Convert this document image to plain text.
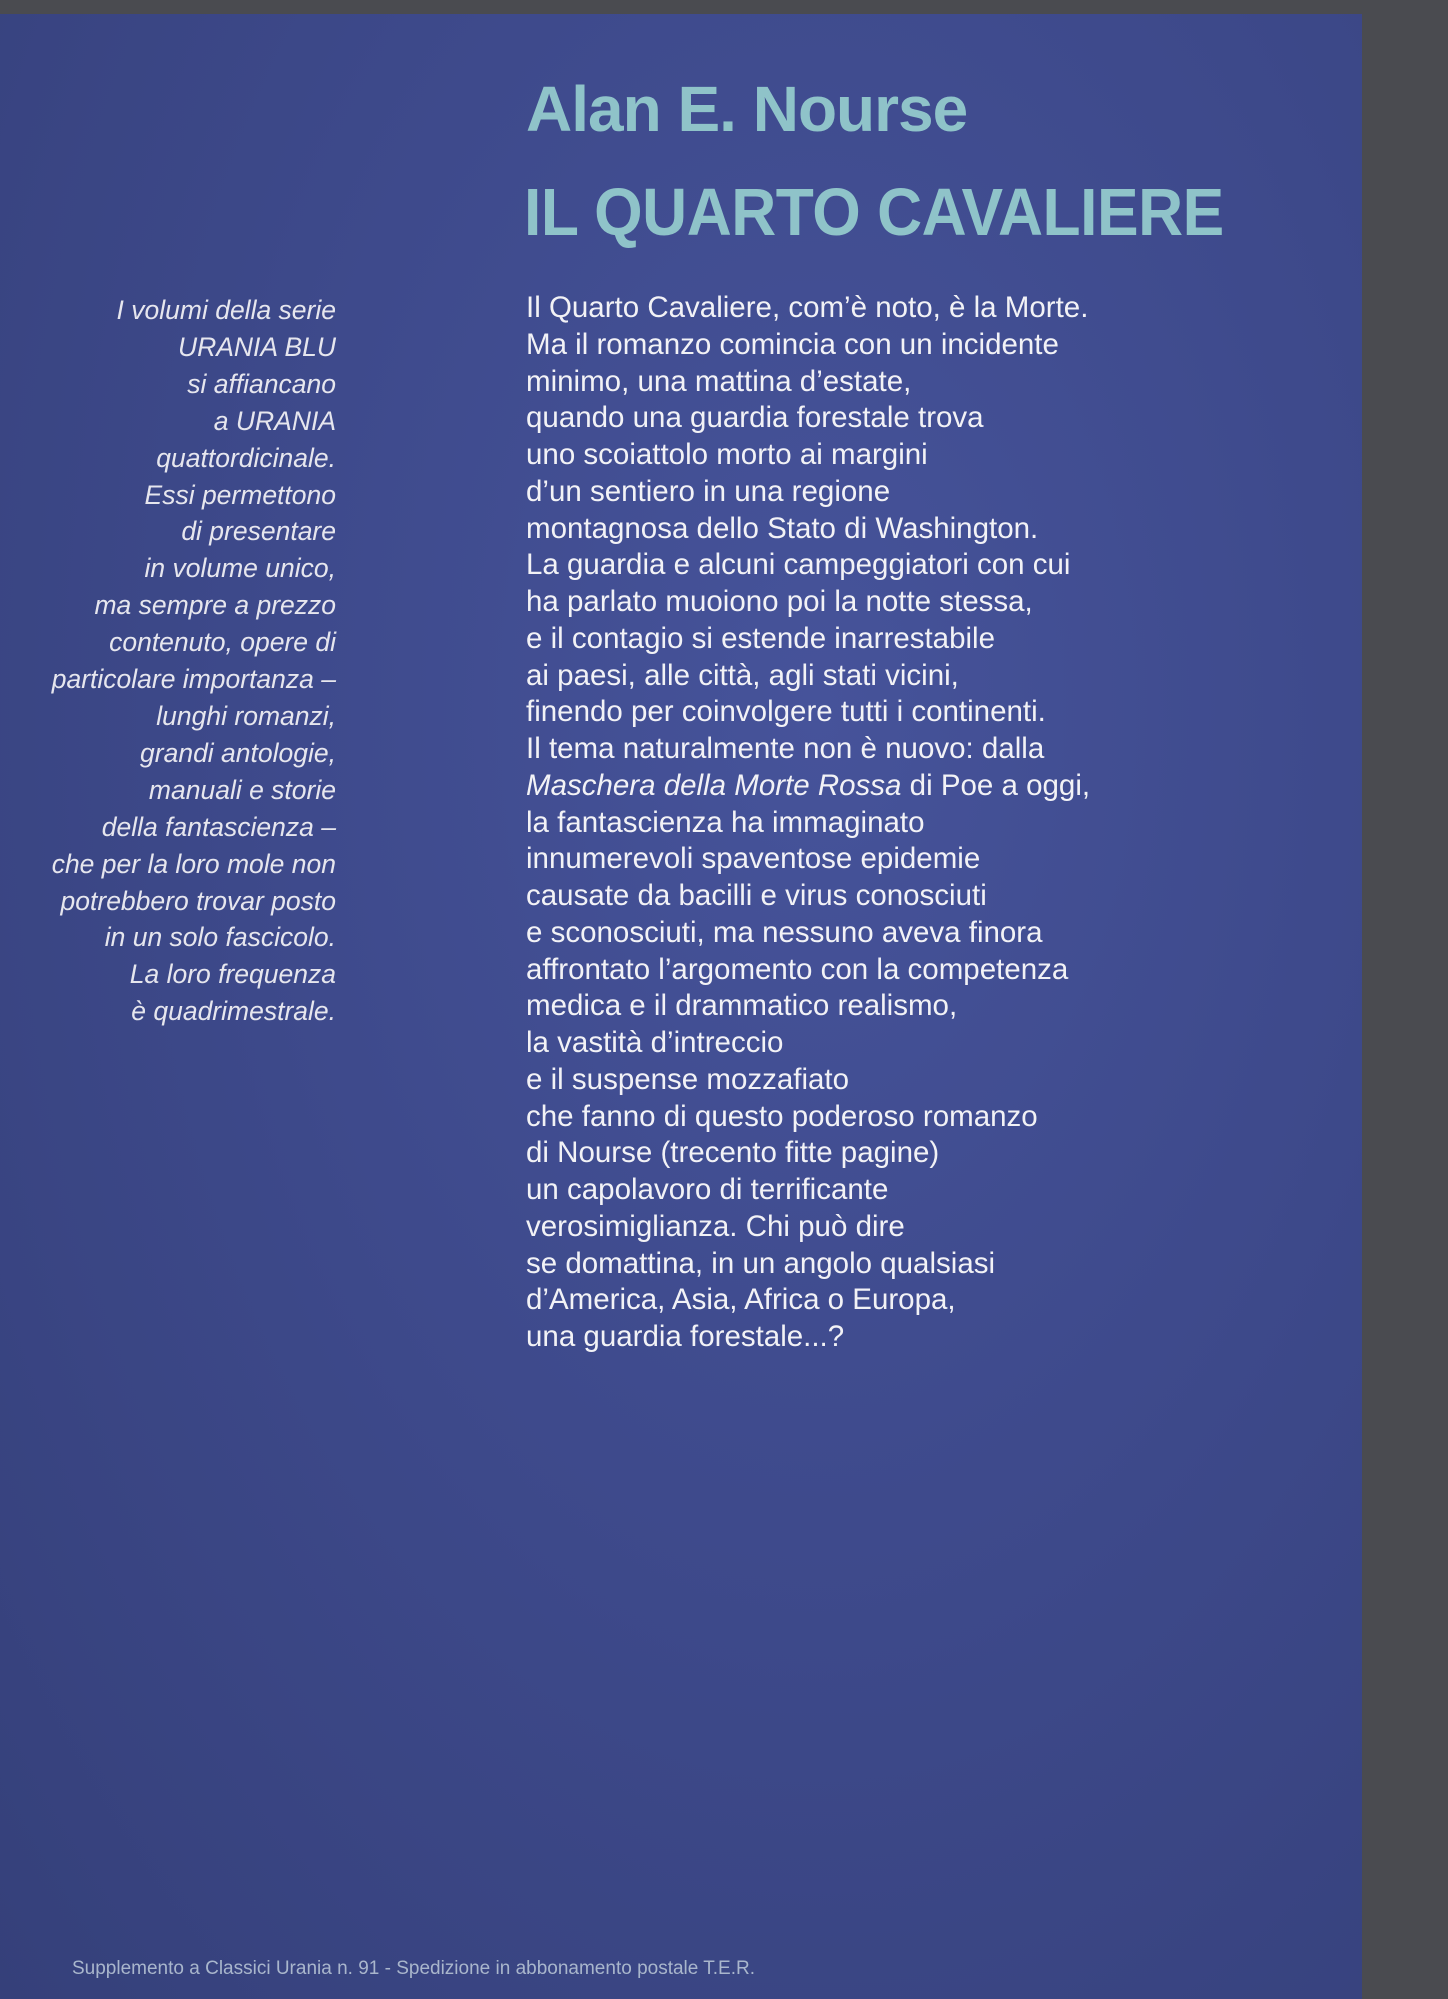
Alan E. Nourse
IL QUARTO CAVALIERE
I volumi della serie
URANIA BLU
si affiancano
a URANIA
quattordicinale.
Essi permettono
di presentare
in volume unico,
ma sempre a prezzo
contenuto, opere di
particolare importanza –
lunghi romanzi,
grandi antologie,
manuali e storie
della fantascienza –
che per la loro mole non
potrebbero trovar posto
in un solo fascicolo.
La loro frequenza
è quadrimestrale.
Il Quarto Cavaliere, com’è noto, è la Morte.
Ma il romanzo comincia con un incidente
minimo, una mattina d’estate,
quando una guardia forestale trova
uno scoiattolo morto ai margini
d’un sentiero in una regione
montagnosa dello Stato di Washington.
La guardia e alcuni campeggiatori con cui
ha parlato muoiono poi la notte stessa,
e il contagio si estende inarrestabile
ai paesi, alle città, agli stati vicini,
finendo per coinvolgere tutti i continenti.
Il tema naturalmente non è nuovo: dalla
Maschera della Morte Rossa di Poe a oggi,
la fantascienza ha immaginato
innumerevoli spaventose epidemie
causate da bacilli e virus conosciuti
e sconosciuti, ma nessuno aveva finora
affrontato l’argomento con la competenza
medica e il drammatico realismo,
la vastità d’intreccio
e il suspense mozzafiato
che fanno di questo poderoso romanzo
di Nourse (trecento fitte pagine)
un capolavoro di terrificante
verosimiglianza. Chi può dire
se domattina, in un angolo qualsiasi
d’America, Asia, Africa o Europa,
una guardia forestale...?
Supplemento a Classici Urania n. 91 - Spedizione in abbonamento postale T.E.R.
